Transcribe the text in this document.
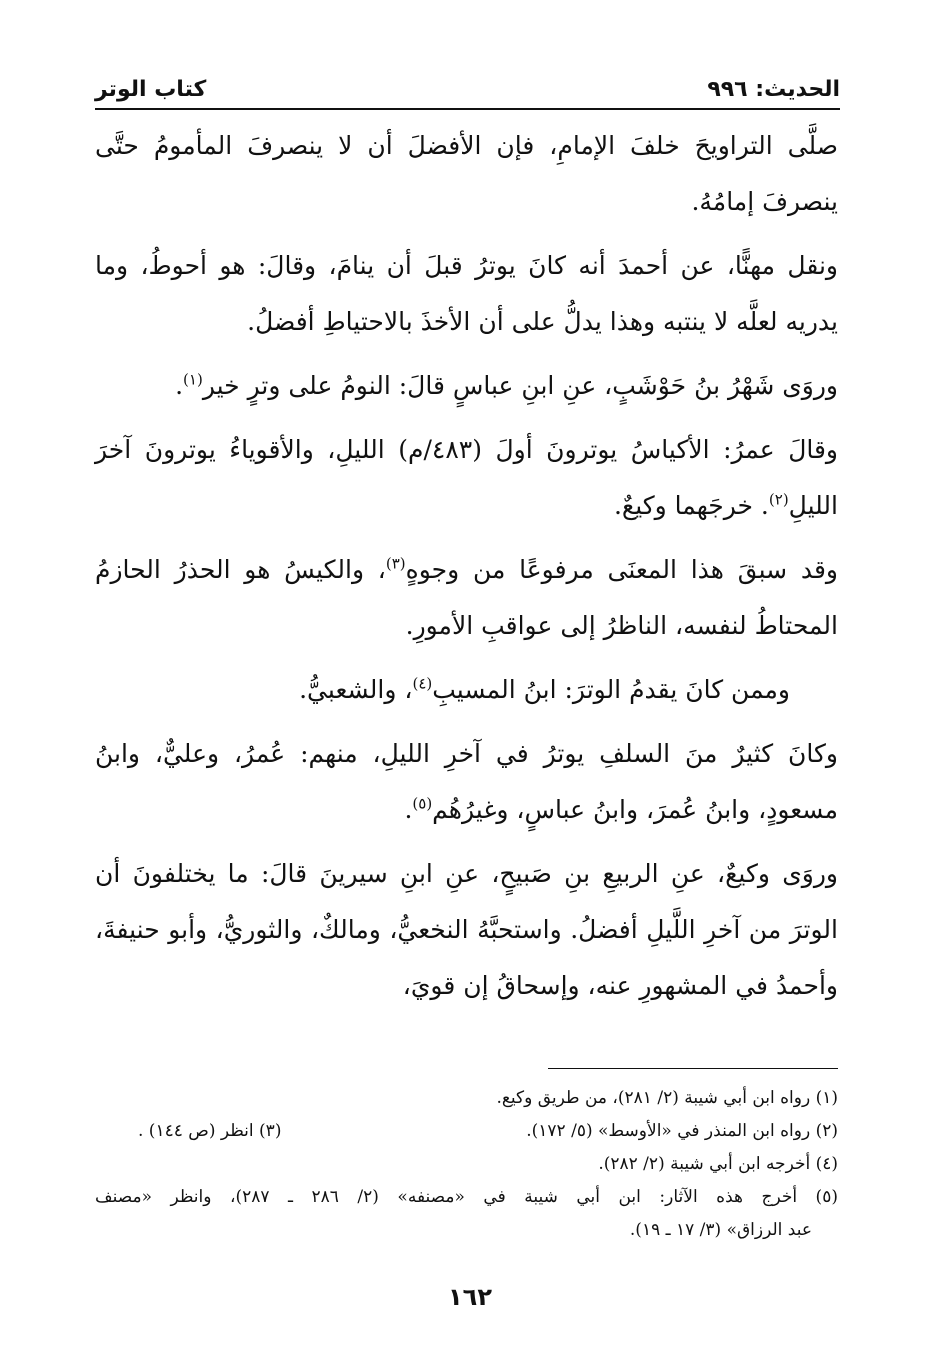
الحديث: ٩٩٦
كتاب الوتر

صلَّى التراويحَ خلفَ الإمامِ، فإن الأفضلَ أن لا ينصرفَ المأمومُ حتَّى ينصرفَ إمامُهُ.

ونقل مهنًّا، عن أحمدَ أنه كانَ يوترُ قبلَ أن ينامَ، وقالَ: هو أحوطُ، وما يدريه لعلَّه لا ينتبه وهذا يدلُّ على أن الأخذَ بالاحتياطِ أفضلُ.

وروَى شَهْرُ بنُ حَوْشَبٍ، عنِ ابنِ عباسٍ قالَ: النومُ على وترٍ خير$^{(١)}$.

وقالَ عمرُ: الأكياسُ يوترونَ أولَ (٤٨٣/م) الليلِ، والأقوياءُ يوترونَ آخرَ الليلِ$^{(٢)}$. خرجَهما وكيعٌ.

وقد سبقَ هذا المعنَى مرفوعًا من وجوهٍ$^{(٣)}$، والكيسُ هو الحذرُ الحازمُ المحتاطُ لنفسه، الناظرُ إلى عواقبِ الأمورِ.

وممن كانَ يقدمُ الوترَ: ابنُ المسيبِ$^{(٤)}$، والشعبيُّ.

وكانَ كثيرٌ منَ السلفِ يوترُ في آخرِ الليلِ، منهم: عُمرُ، وعليٌّ، وابنُ مسعودٍ، وابنُ عُمرَ، وابنُ عباسٍ، وغيرُهُم$^{(٥)}$.

وروَى وكيعٌ، عنِ الربيعِ بنِ صَبيحٍ، عنِ ابنِ سيرينَ قالَ: ما يختلفونَ أن الوترَ من آخرِ اللَّيلِ أفضلُ. واستحبَّهُ النخعيُّ، ومالكٌ، والثوريُّ، وأبو حنيفةَ، وأحمدُ في المشهورِ عنه، وإسحاقُ إن قويَ،

(١) رواه ابن أبي شيبة (٢/ ٢٨١)، من طريق وكيع.
(٢) رواه ابن المنذر في «الأوسط» (٥/ ١٧٢).
(٣) انظر (ص ١٤٤) .
(٤) أخرجه ابن أبي شيبة (٢/ ٢٨٢).
(٥) أخرج هذه الآثار: ابن أبي شيبة في «مصنفه» (٢/ ٢٨٦ ـ ٢٨٧)، وانظر «مصنف
عبد الرزاق» (٣/ ١٧ ـ ١٩).
١٦٢
